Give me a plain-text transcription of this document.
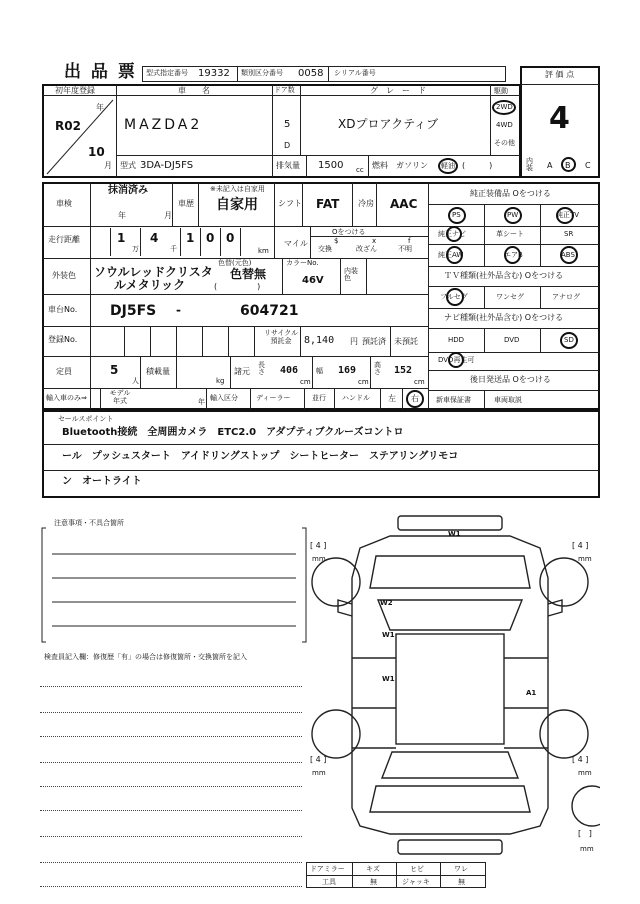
出 品 票 型式指定番号 19332 類別区分番号 0058 シリアル番号	評 価 点
4
初年度登録
R02
年
10
月
車　　名
MAZDA2
ドア数
5
D
グ　レ　ー　ド
XDプロアクティブ
駆動
2WD
4WD
その他
型式 3DA-DJ5FS	排気量 1500 cc 燃料 ガソリン 軽油 (　　　)	内装 A B C
車検
抹消済み
年	月
車歴
※未記入は自家用
自家用	シフト FAT 冷房 AAC
走行距離	1
万
4
千
1 0 0
km
マイル
Oをつける
$
交換
x
改ざん
f
不明
外装色 ソウルレッドクリスタ
ルメタリック
色替(元色)
色替無
(　　　　　)
カラーNo.
46V
内装色
車台No. DJ5FS -	604721
登録No.
リサイクル預託金	8,140 円 預託済 未預託
定員	5
人
積載量
kg
諸元
長さ 406
cm
幅 169
cm
高さ 152
cm
輸入車のみ⇒
モデル年式	年 輸入区分	ディーラー	並行 ハンドル 左 右
純正装備品 Oをつける
PS	PW	純正TV
純正ナビ	革シート	SR
純正AW	エアB	ABS
ＴＶ種類(社外品含む) Oをつける
フルセグ	ワンセグ	アナログ
ナビ種類(社外品含む) Oをつける
HDD	DVD	SD
DVD再生可
後日発送品 Oをつける
新車保証書	車両取説
セールスポイント
Bluetooth接続　全周囲カメラ　ETC2.0　アダプティブクルーズコントロ
ール　プッシュスタート　アイドリングストップ　シートヒーター　ステアリングリモコ
ン　オートライト
注意事項・不具合箇所
検査員記入欄：修復歴「有」の場合は修復箇所・交換箇所を記入
W1
W2
W1
W1
A1
[ 4 ]
mm
[ 4 ]
mm
[ 4 ]
mm
[ 4 ]
mm
[   ]
mm
ドアミラー	キズ	ヒビ	ワレ
工具	無	ジャッキ	無
